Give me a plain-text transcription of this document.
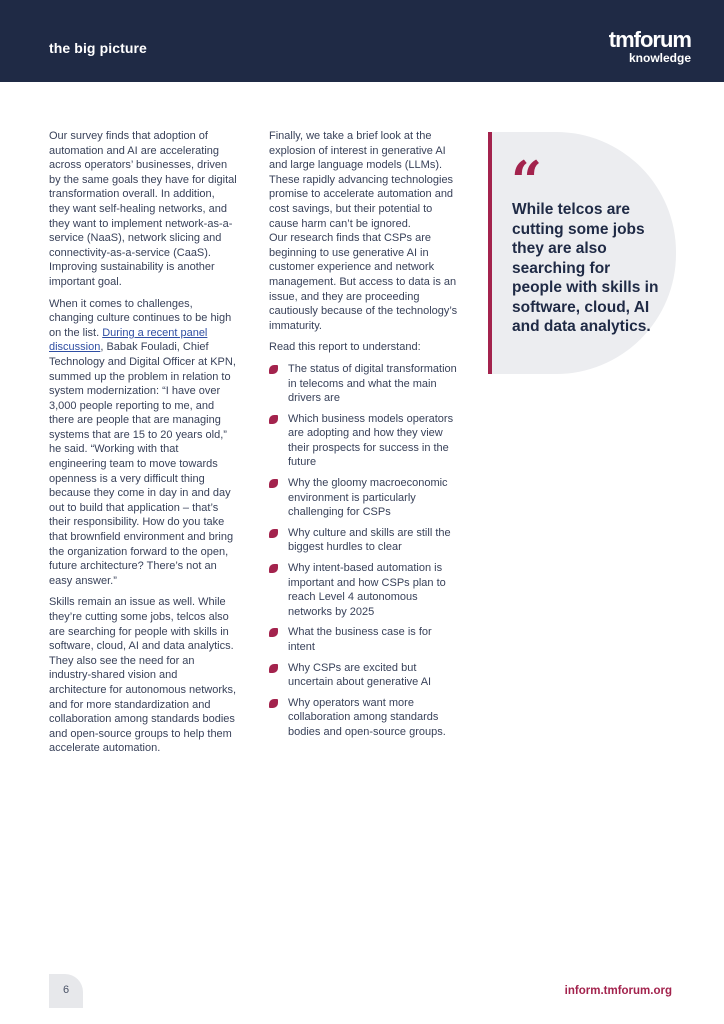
the big picture	tmforum
knowledge

Our survey finds that adoption of automation and AI are accelerating across operators’ businesses, driven by the same goals they have for digital transformation overall. In addition, they want self-healing networks, and they want to implement network-as-a-service (NaaS), network slicing and connectivity-as-a-service (CaaS). Improving sustainability is another important goal.

When it comes to challenges, changing culture continues to be high on the list. During a recent panel discussion, Babak Fouladi, Chief Technology and Digital Officer at KPN, summed up the problem in relation to system modernization: “I have over 3,000 people reporting to me, and there are people that are managing systems that are 15 to 20 years old,” he said. “Working with that engineering team to move towards openness is a very difficult thing because they come in day in and day out to build that application – that’s their responsibility. How do you take that brownfield environment and bring the organization forward to the open, future architecture? There’s not an easy answer.”

Skills remain an issue as well. While they’re cutting some jobs, telcos also are searching for people with skills in software, cloud, AI and data analytics. They also see the need for an industry-shared vision and architecture for autonomous networks, and for more standardization and collaboration among standards bodies and open-source groups to help them accelerate automation.

Finally, we take a brief look at the explosion of interest in generative AI and large language models (LLMs). These rapidly advancing technologies promise to accelerate automation and cost savings, but their potential to cause harm can’t be ignored.

Our research finds that CSPs are beginning to use generative AI in customer experience and network management. But access to data is an issue, and they are proceeding cautiously because of the technology’s immaturity.

Read this report to understand:

The status of digital transformation in telecoms and what the main drivers are
Which business models operators are adopting and how they view their prospects for success in the future
Why the gloomy macroeconomic environment is particularly challenging for CSPs
Why culture and skills are still the biggest hurdles to clear
Why intent-based automation is important and how CSPs plan to reach Level 4 autonomous networks by 2025
What the business case is for intent
Why CSPs are excited but uncertain about generative AI
Why operators want more collaboration among standards bodies and open-source groups.
“
While telcos are cutting some jobs they are also searching for people with skills in software, cloud, AI and data analytics.
6	inform.tmforum.org
